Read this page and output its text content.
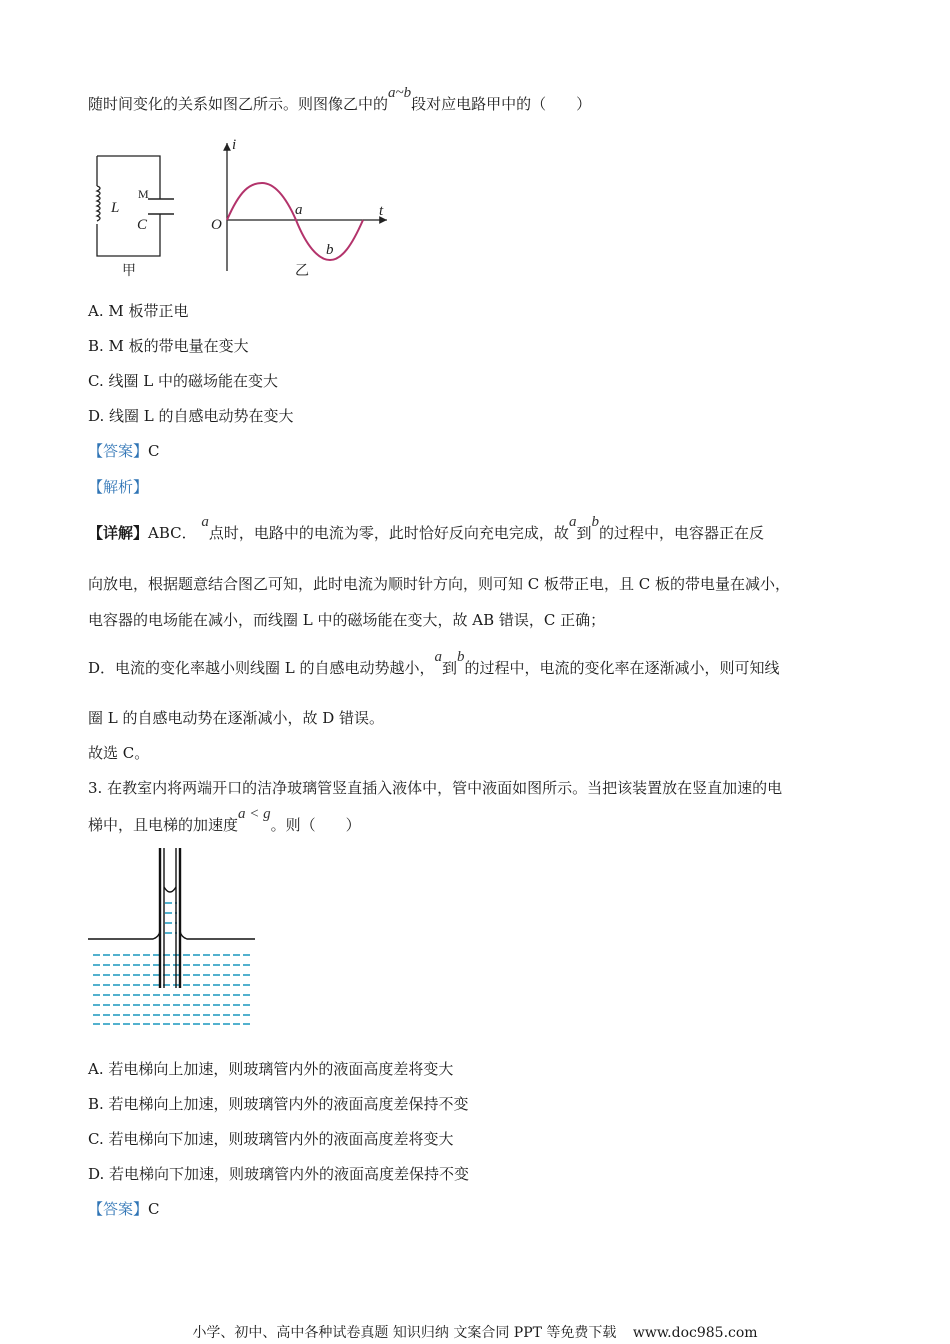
随时间变化的关系如图乙所示。则图像乙中的a~b段对应电路甲中的（　　）
L
M
C
甲
i
O
a
b
t
乙
A. M 板带正电
B. M 板的带电量在变大
C. 线圈 L 中的磁场能在变大
D. 线圈 L 的自感电动势在变大
【答案】C
【解析】
【详解】ABC． a点时，电路中的电流为零，此时恰好反向充电完成，故a到b的过程中，电容器正在反
向放电，根据题意结合图乙可知，此时电流为顺时针方向，则可知 C 板带正电，且 C 板的带电量在减小，
电容器的电场能在减小，而线圈 L 中的磁场能在变大，故 AB 错误，C 正确；
D．电流的变化率越小则线圈 L 的自感电动势越小，a到b的过程中，电流的变化率在逐渐减小，则可知线
圈 L 的自感电动势在逐渐减小，故 D 错误。
故选 C。
3. 在教室内将两端开口的洁净玻璃管竖直插入液体中，管中液面如图所示。当把该装置放在竖直加速的电
梯中，且电梯的加速度a < g。则（　　）
A. 若电梯向上加速，则玻璃管内外的液面高度差将变大
B. 若电梯向上加速，则玻璃管内外的液面高度差保持不变
C. 若电梯向下加速，则玻璃管内外的液面高度差将变大
D. 若电梯向下加速，则玻璃管内外的液面高度差保持不变
【答案】C
小学、初中、高中各种试卷真题 知识归纳 文案合同 PPT 等免费下载 www.doc985.com
